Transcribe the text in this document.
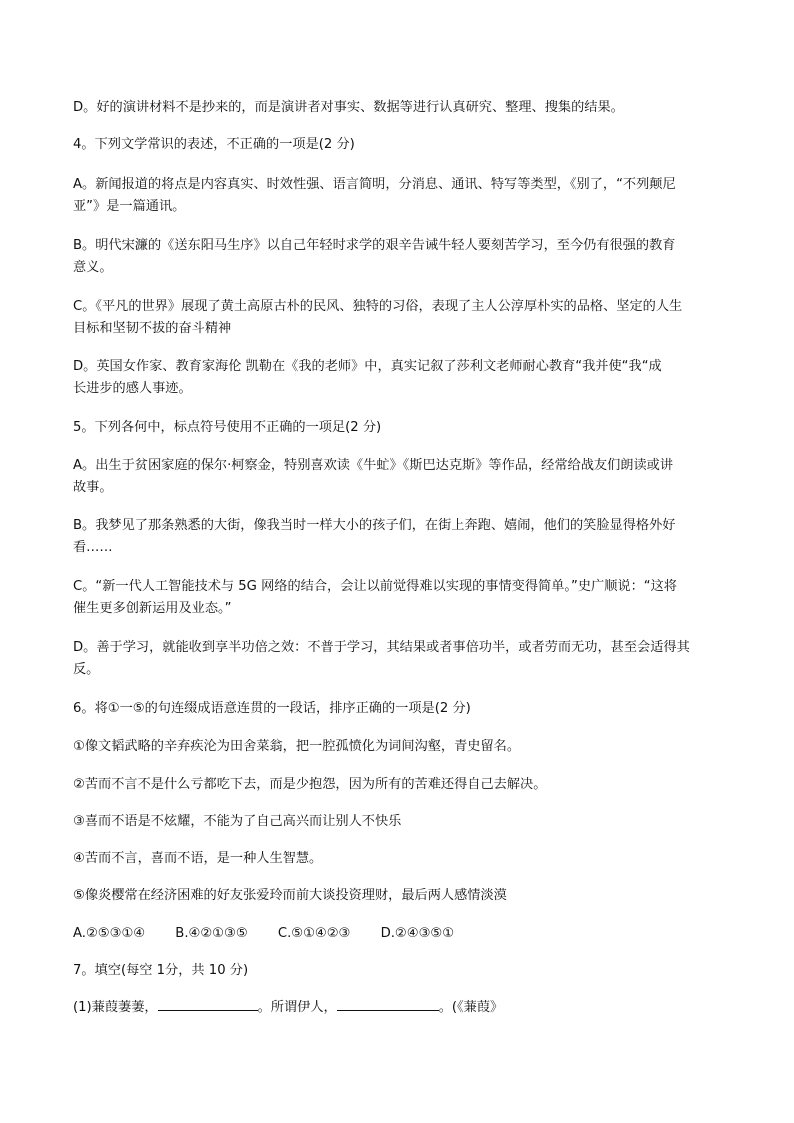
D。好的演讲材料不是抄来的，而是演讲者对事实、数据等进行认真研究、整理、搜集的结果。
4。下列文学常识的表述，不正确的一项是(2 分)
A。新闻报道的将点是内容真实、时效性强、语言简明，分消息、通讯、特写等类型，《别了，“不列颠尼
亚”》是一篇通讯。
B。明代宋濂的《送东阳马生序》以自己年轻时求学的艰辛告诫牛轻人要刻苦学习，至今仍有很强的教育
意义。
C。《平凡的世界》展现了黄土高原古朴的民风、独特的习俗，表现了主人公淳厚朴实的品格、坚定的人生
目标和坚韧不拔的奋斗精神
D。英国女作家、教育家海伦 凯勒在《我的老师》中，真实记叙了莎利文老师耐心教育“我并使“我“成
长进步的感人事迹。
5。下列各何中，标点符号使用不正确的一项足(2 分)
A。出生于贫困家庭的保尔·柯察金，特别喜欢读《牛虻》《斯巴达克斯》等作品，经常给战友们朗读或讲
故事。
B。我梦见了那条熟悉的大街，像我当时一样大小的孩子们，在街上奔跑、嬉闹，他们的笑脸显得格外好
看……
C。“新一代人工智能技术与 5G 网络的结合，会让以前觉得难以实现的事情变得简单。”史广顺说：“这将
催生更多创新运用及业态。”
D。善于学习，就能收到享半功倍之效：不普于学习，其结果或者事倍功半，或者劳而无功，甚至会适得其
反。
6。将①一⑤的句连缀成语意连贯的一段话，排序正确的一项是(2 分)
①像文韬武略的辛弃疾沦为田舍菜翁，把一腔孤愤化为词间沟壑，青史留名。
②苦而不言不是什么亏都吃下去，而是少抱怨，因为所有的苦难还得自己去解决。
③喜而不语是不炫耀，不能为了自己高兴而让别人不快乐
④苦而不言，喜而不语，是一种人生智慧。
⑤像炎樱常在经济困难的好友张爱玲而前大谈投资理财，最后两人感情淡漠
A.②⑤③①④ B.④②①③⑤ C.⑤①④②③ D.②④③⑤①
7。填空(每空 1分，共 10 分)
(1)蒹葭萋萋，	。所谓伊人，	。(《蒹葭》
